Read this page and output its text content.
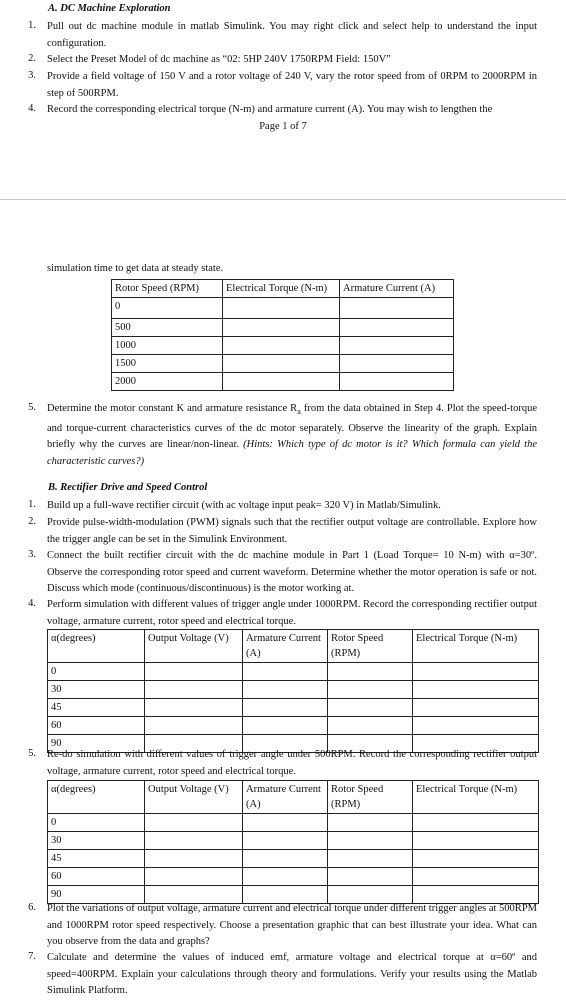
A. DC Machine Exploration
1. Pull out dc machine module in matlab Simulink. You may right click and select help to understand the input configuration.
2. Select the Preset Model of dc machine as “02: 5HP 240V 1750RPM Field: 150V”
3. Provide a field voltage of 150 V and a rotor voltage of 240 V, vary the rotor speed from of 0RPM to 2000RPM in step of 500RPM.
4. Record the corresponding electrical torque (N-m) and armature current (A). You may wish to lengthen the
Page 1 of 7
simulation time to get data at steady state.
Rotor Speed (RPM)	Electrical Torque (N-m)	Armature Current (A)
0		
500		
1000		
1500		
2000		
5. Determine the motor constant K and armature resistance $R_a$ from the data obtained in Step 4. Plot the speed-torque and torque-current characteristics curves of the dc motor separately. Observe the linearity of the graph. Explain briefly why the curves are linear/non-linear. (Hints: Which type of dc motor is it? Which formula can yield the characteristic curves?)
B. Rectifier Drive and Speed Control
1. Build up a full-wave rectifier circuit (with ac voltage input peak= 320 V) in Matlab/Simulink.
2. Provide pulse-width-modulation (PWM) signals such that the rectifier output voltage are controllable. Explore how the trigger angle can be set in the Simulink Environment.
3. Connect the built rectifier circuit with the dc machine module in Part 1 (Load Torque= 10 N-m) with α=30º. Observe the corresponding rotor speed and current waveform. Determine whether the motor operation is safe or not. Discuss which mode (continuous/discontinuous) is the motor working at.
4. Perform simulation with different values of trigger angle under 1000RPM. Record the corresponding rectifier output voltage, armature current, rotor speed and electrical torque.
α(degrees)	Output Voltage (V)	Armature Current (A)	Rotor Speed (RPM)	Electrical Torque (N-m)
0				
30				
45				
60				
90				
5. Re-do simulation with different values of trigger angle under 500RPM. Record the corresponding rectifier output voltage, armature current, rotor speed and electrical torque.
α(degrees)	Output Voltage (V)	Armature Current (A)	Rotor Speed (RPM)	Electrical Torque (N-m)
0				
30				
45				
60				
90				
6. Plot the variations of output voltage, armature current and electrical torque under different trigger angles at 500RPM and 1000RPM rotor speed respectively. Choose a presentation graphic that can best illustrate your idea. What can you observe from the data and graphs?
7. Calculate and determine the values of induced emf, armature voltage and electrical torque at α=60º and speed=400RPM. Explain your calculations through theory and formulations. Verify your results using the Matlab Simulink Platform.
